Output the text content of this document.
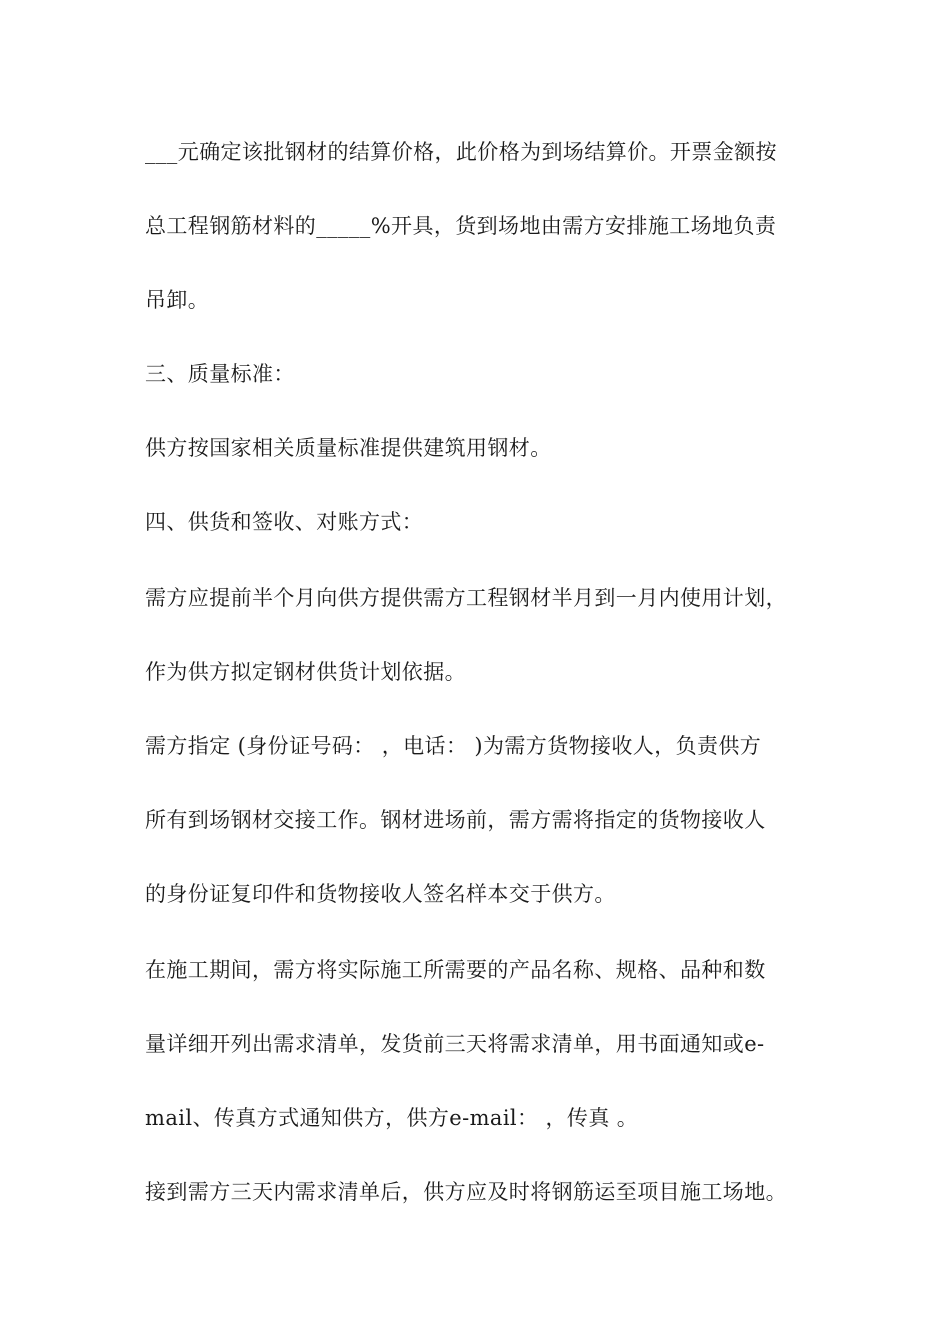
___元确定该批钢材的结算价格，此价格为到场结算价。开票金额按
总工程钢筋材料的_____%开具，货到场地由需方安排施工场地负责
吊卸。
三、质量标准：
供方按国家相关质量标准提供建筑用钢材。
四、供货和签收、对账方式：
需方应提前半个月向供方提供需方工程钢材半月到一月内使用计划，
作为供方拟定钢材供货计划依据。
需方指定 (身份证号码： ，电话： )为需方货物接收人，负责供方
所有到场钢材交接工作。钢材进场前，需方需将指定的货物接收人
的身份证复印件和货物接收人签名样本交于供方。
在施工期间，需方将实际施工所需要的产品名称、规格、品种和数
量详细开列出需求清单，发货前三天将需求清单，用书面通知或e-
mail、传真方式通知供方，供方e-mail： ，传真 。
接到需方三天内需求清单后，供方应及时将钢筋运至项目施工场地。
